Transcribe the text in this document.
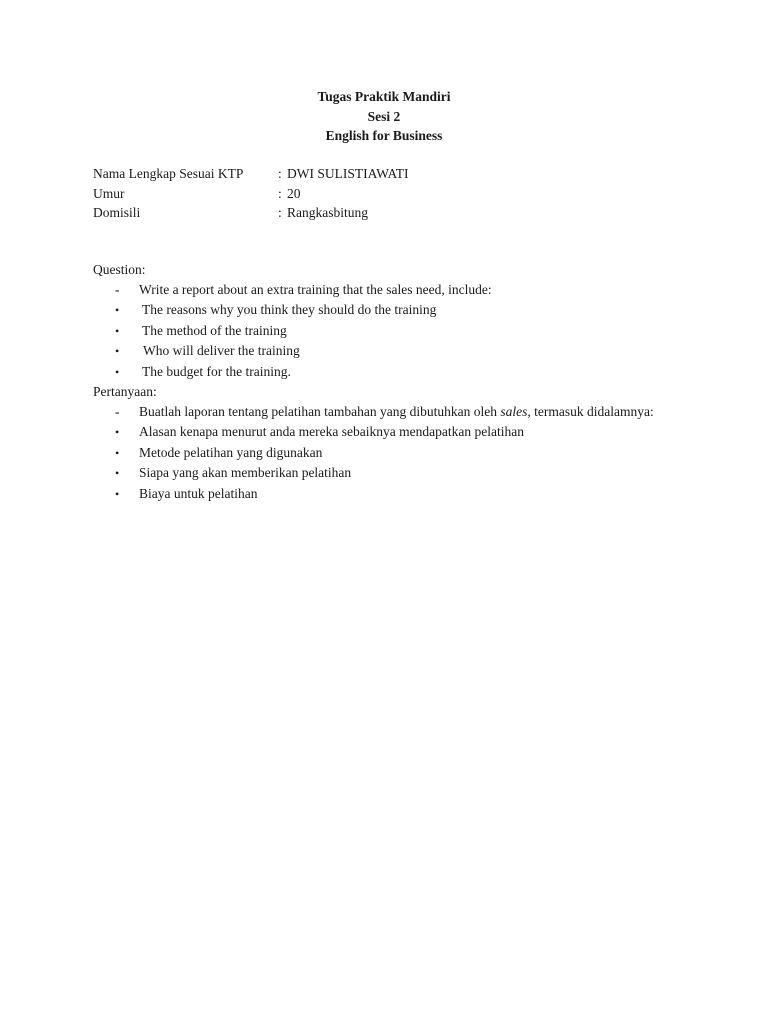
Tugas Praktik Mandiri
Sesi 2
English for Business
Nama Lengkap Sesuai KTP	: DWI SULISTIAWATI
Umur	: 20
Domisili	: Rangkasbitung
Question:
- Write a report about an extra training that the sales need, include:
• The reasons why you think they should do the training
• The method of the training
• Who will deliver the training
• The budget for the training.
Pertanyaan:
- Buatlah laporan tentang pelatihan tambahan yang dibutuhkan oleh sales, termasuk didalamnya:
• Alasan kenapa menurut anda mereka sebaiknya mendapatkan pelatihan
• Metode pelatihan yang digunakan
• Siapa yang akan memberikan pelatihan
• Biaya untuk pelatihan
